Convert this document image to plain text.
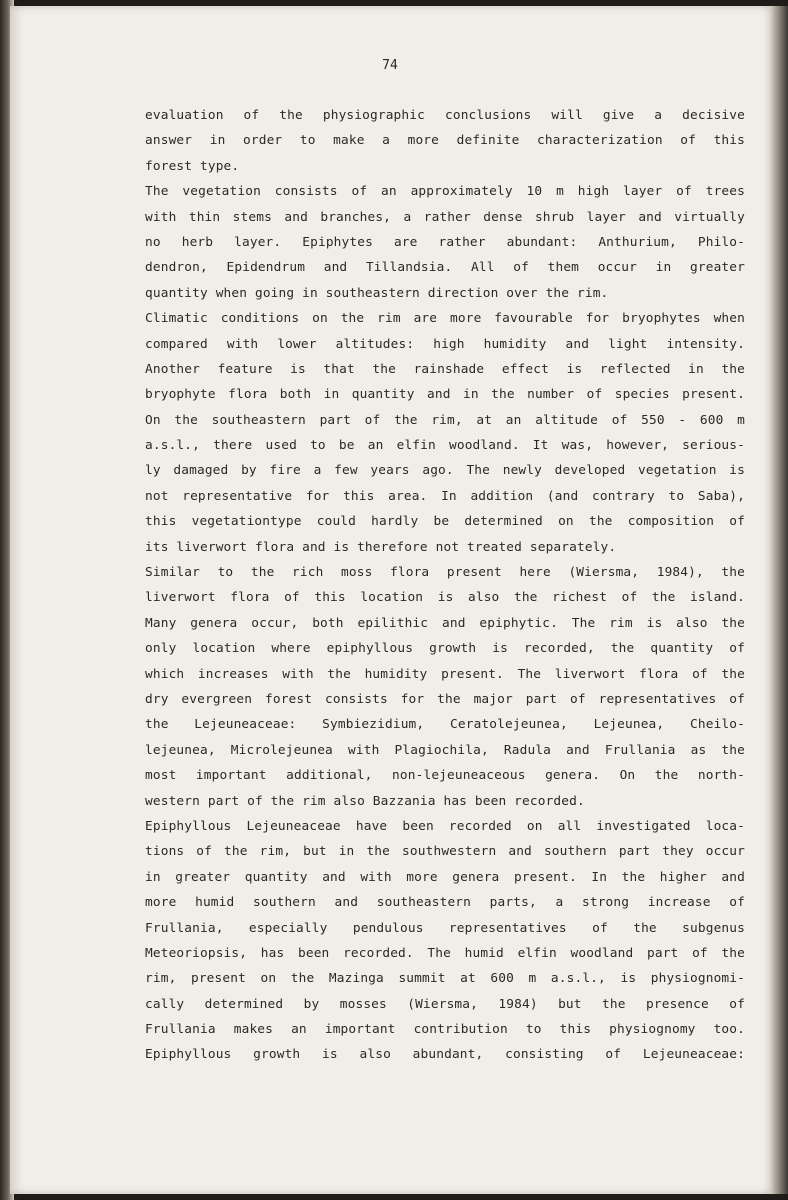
74
evaluation of the physiographic conclusions will give a decisive
answer in order to make a more definite characterization of this
forest type.
The vegetation consists of an approximately 10 m high layer of trees
with thin stems and branches, a rather dense shrub layer and virtually
no herb layer. Epiphytes are rather abundant: Anthurium, Philo-
dendron, Epidendrum and Tillandsia. All of them occur in greater
quantity when going in southeastern direction over the rim.
Climatic conditions on the rim are more favourable for bryophytes when
compared with lower altitudes: high humidity and light intensity.
Another feature is that the rainshade effect is reflected in the
bryophyte flora both in quantity and in the number of species present.
On the southeastern part of the rim, at an altitude of 550 - 600 m
a.s.l., there used to be an elfin woodland. It was, however, serious-
ly damaged by fire a few years ago. The newly developed vegetation is
not representative for this area. In addition (and contrary to Saba),
this vegetationtype could hardly be determined on the composition of
its liverwort flora and is therefore not treated separately.
Similar to the rich moss flora present here (Wiersma, 1984), the
liverwort flora of this location is also the richest of the island.
Many genera occur, both epilithic and epiphytic. The rim is also the
only location where epiphyllous growth is recorded, the quantity of
which increases with the humidity present. The liverwort flora of the
dry evergreen forest consists for the major part of representatives of
the Lejeuneaceae: Symbiezidium, Ceratolejeunea, Lejeunea, Cheilo-
lejeunea, Microlejeunea with Plagiochila, Radula and Frullania as the
most important additional, non-lejeuneaceous genera. On the north-
western part of the rim also Bazzania has been recorded.
Epiphyllous Lejeuneaceae have been recorded on all investigated loca-
tions of the rim, but in the southwestern and southern part they occur
in greater quantity and with more genera present. In the higher and
more humid southern and southeastern parts, a strong increase of
Frullania, especially pendulous representatives of the subgenus
Meteoriopsis, has been recorded. The humid elfin woodland part of the
rim, present on the Mazinga summit at 600 m a.s.l., is physiognomi-
cally determined by mosses (Wiersma, 1984) but the presence of
Frullania makes an important contribution to this physiognomy too.
Epiphyllous growth is also abundant, consisting of Lejeuneaceae:
